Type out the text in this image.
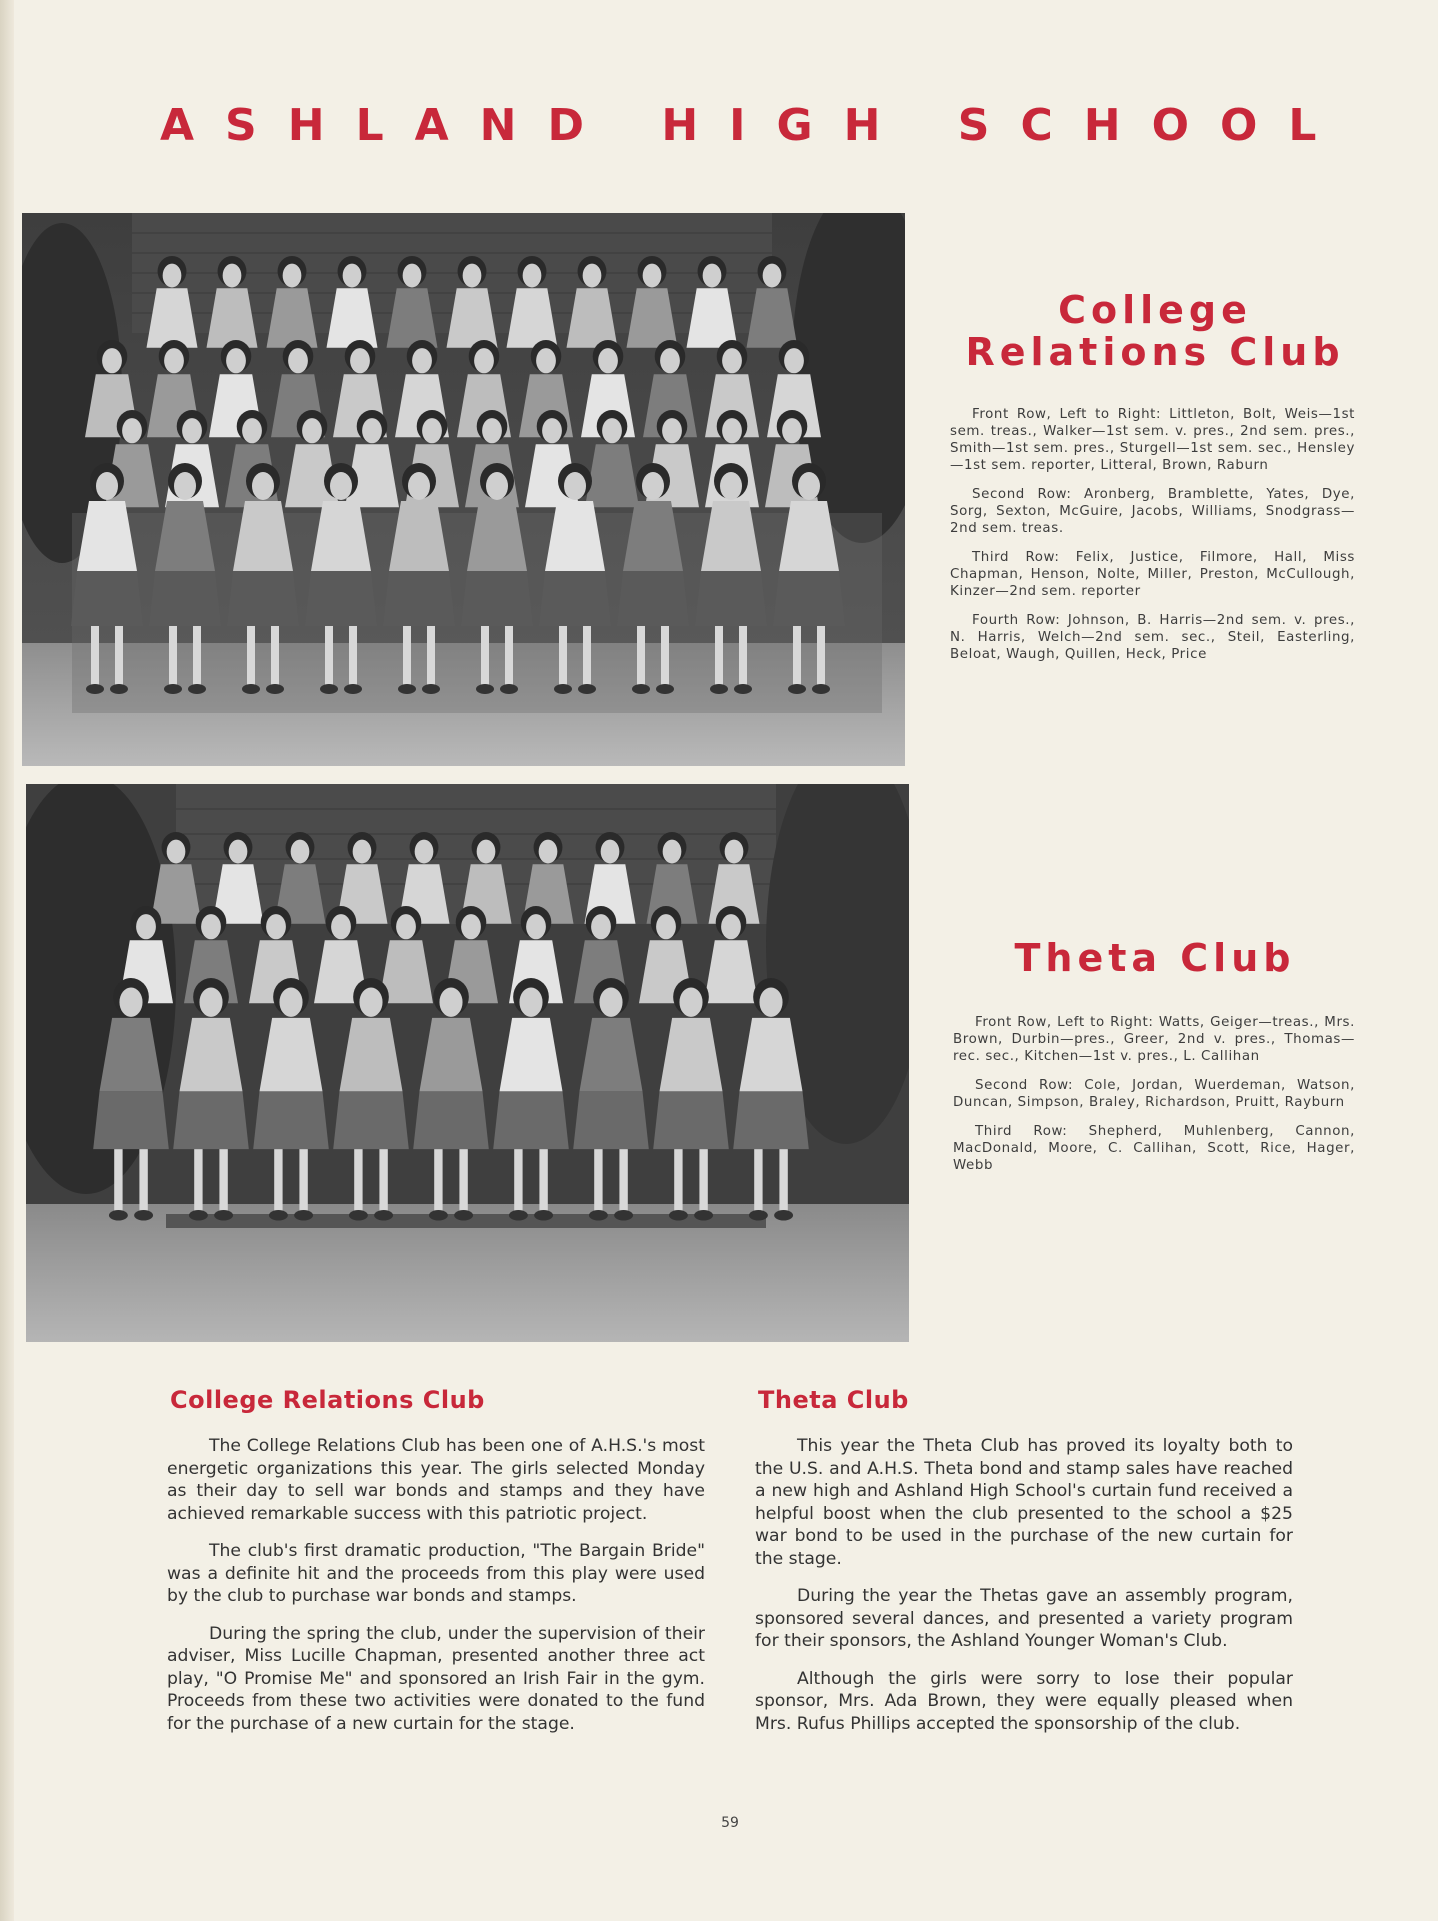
ASHLAND HIGH SCHOOL
College Relations Club

Front Row, Left to Right: Littleton, Bolt, Weis—1st sem. treas., Walker—1st sem. v. pres., 2nd sem. pres., Smith—1st sem. pres., Sturgell—1st sem. sec., Hensley—1st sem. reporter, Litteral, Brown, Raburn

Second Row: Aronberg, Bramblette, Yates, Dye, Sorg, Sexton, McGuire, Jacobs, Williams, Snodgrass—2nd sem. treas.

Third Row: Felix, Justice, Filmore, Hall, Miss Chapman, Henson, Nolte, Miller, Preston, McCullough, Kinzer—2nd sem. reporter

Fourth Row: Johnson, B. Harris—2nd sem. v. pres., N. Harris, Welch—2nd sem. sec., Steil, Easterling, Beloat, Waugh, Quillen, Heck, Price

Theta Club

Front Row, Left to Right: Watts, Geiger—treas., Mrs. Brown, Durbin—pres., Greer, 2nd v. pres., Thomas—rec. sec., Kitchen—1st v. pres., L. Callihan

Second Row: Cole, Jordan, Wuerdeman, Watson, Duncan, Simpson, Braley, Richardson, Pruitt, Rayburn

Third Row: Shepherd, Muhlenberg, Cannon, MacDonald, Moore, C. Callihan, Scott, Rice, Hager, Webb

College Relations Club

The College Relations Club has been one of A.H.S.'s most energetic organizations this year. The girls selected Monday as their day to sell war bonds and stamps and they have achieved remarkable success with this patriotic project.

The club's first dramatic production, "The Bargain Bride" was a definite hit and the proceeds from this play were used by the club to purchase war bonds and stamps.

During the spring the club, under the supervision of their adviser, Miss Lucille Chapman, presented another three act play, "O Promise Me" and sponsored an Irish Fair in the gym. Proceeds from these two activities were donated to the fund for the purchase of a new curtain for the stage.

Theta Club

This year the Theta Club has proved its loyalty both to the U.S. and A.H.S. Theta bond and stamp sales have reached a new high and Ashland High School's curtain fund received a helpful boost when the club presented to the school a $25 war bond to be used in the purchase of the new curtain for the stage.

During the year the Thetas gave an assembly program, sponsored several dances, and presented a variety program for their sponsors, the Ashland Younger Woman's Club.

Although the girls were sorry to lose their popular sponsor, Mrs. Ada Brown, they were equally pleased when Mrs. Rufus Phillips accepted the sponsorship of the club.

59
